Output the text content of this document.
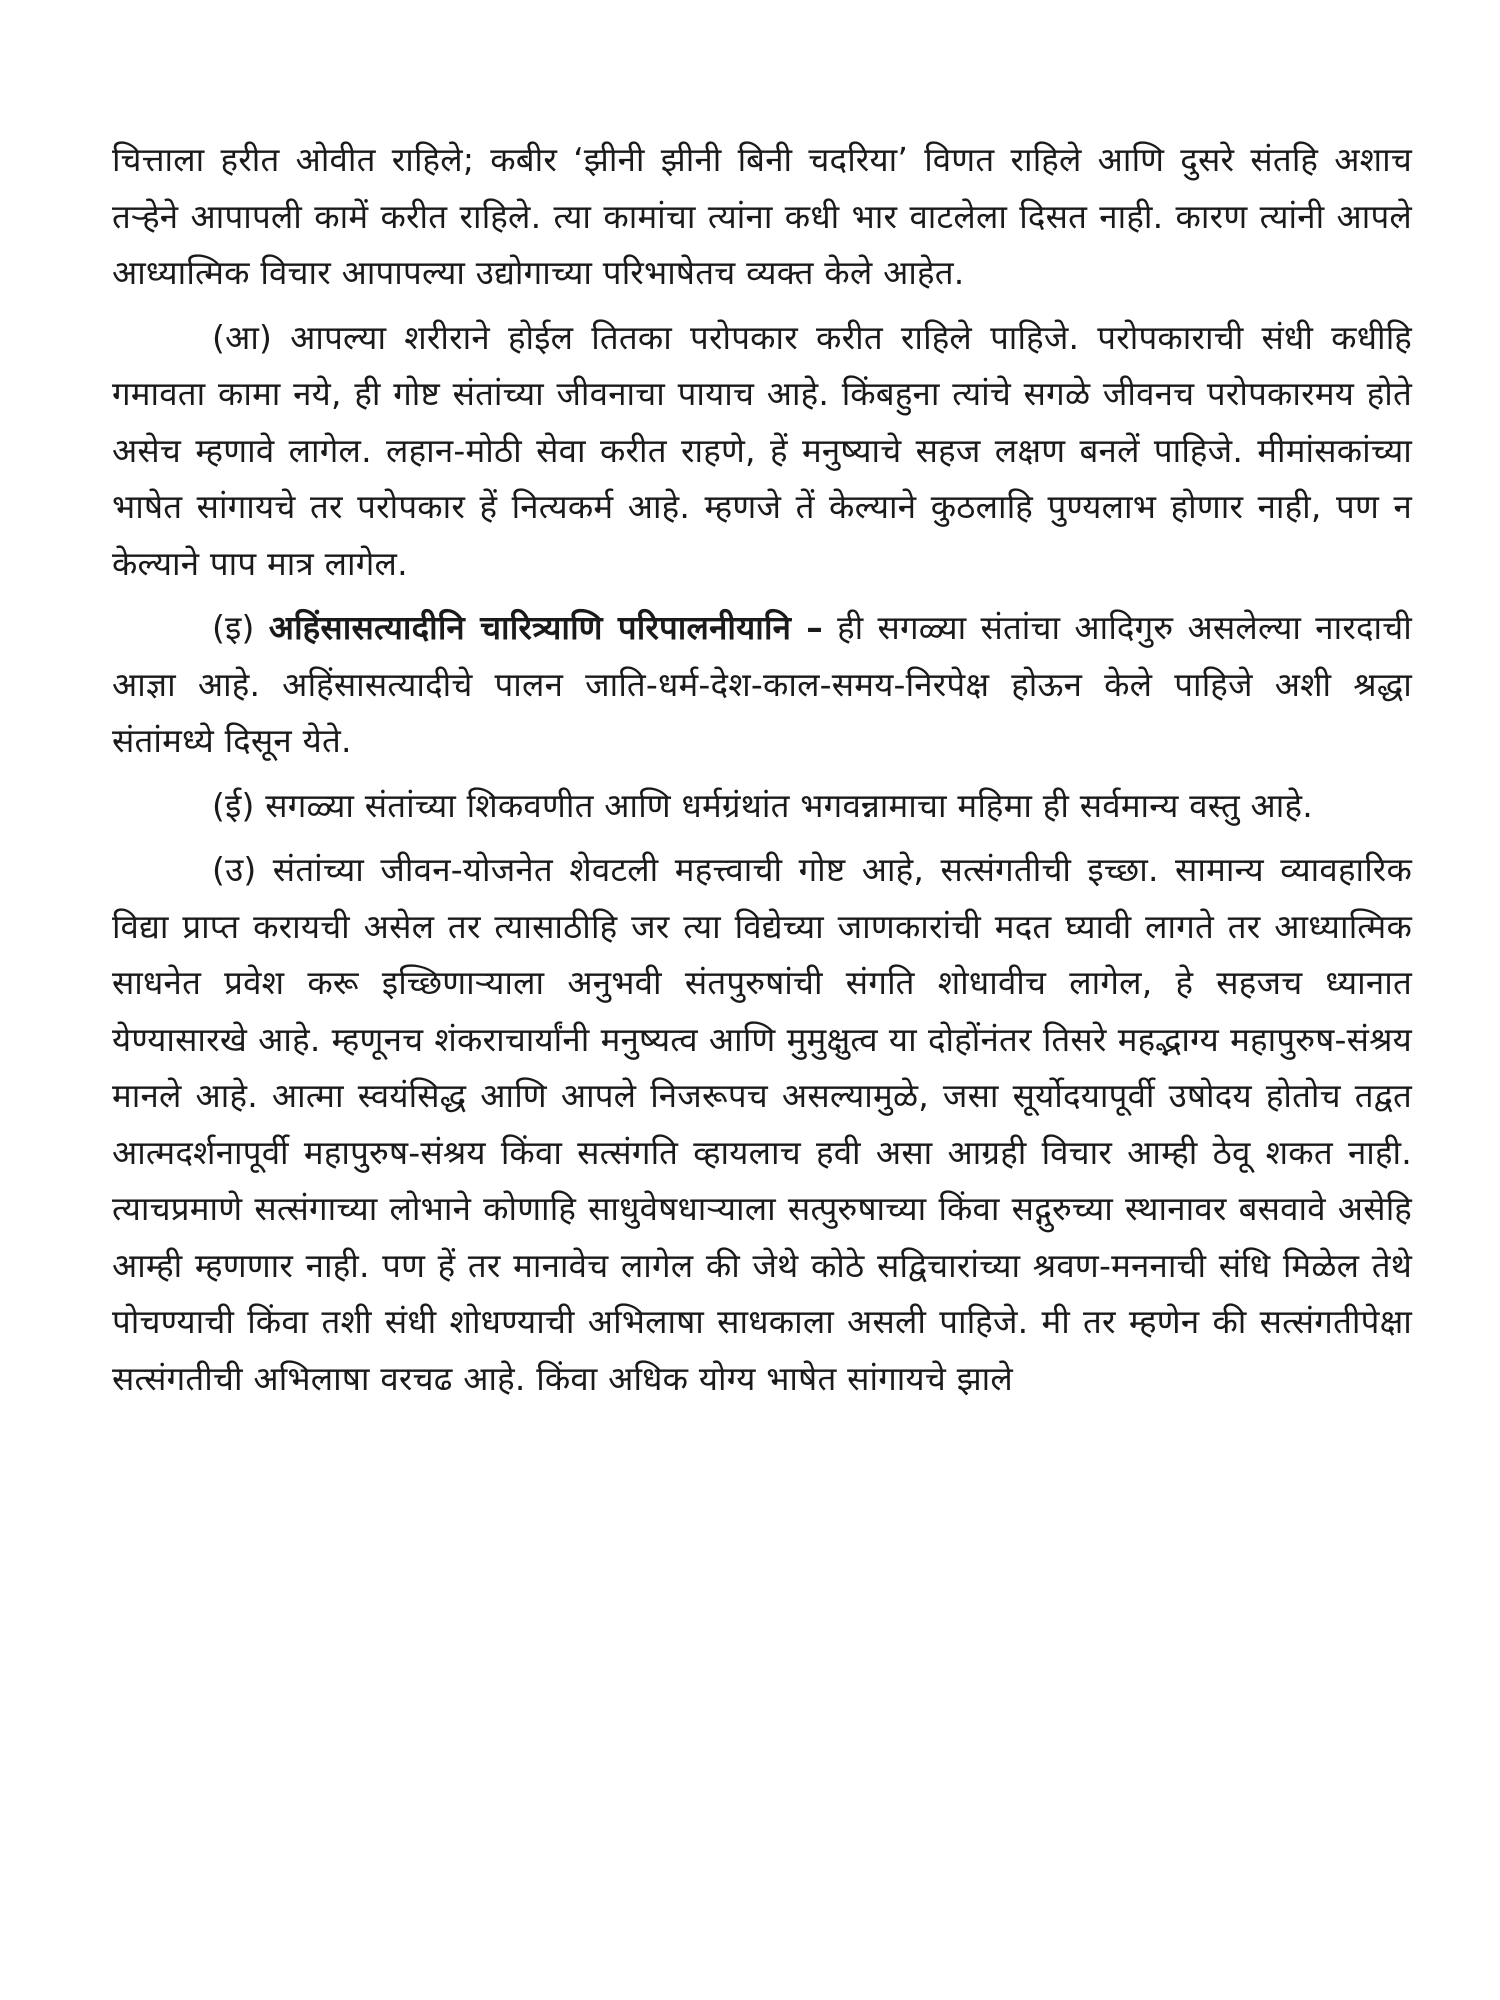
चित्ताला हरीत ओवीत राहिले; कबीर ‘झीनी झीनी बिनी चदरिया’ विणत राहिले आणि दुसरे संतहि अशाच तऱ्हेने आपापली कामें करीत राहिले. त्या कामांचा त्यांना कधी भार वाटलेला दिसत नाही. कारण त्यांनी आपले आध्यात्मिक विचार आपापल्या उद्योगाच्या परिभाषेतच व्यक्त केले आहेत.

(आ) आपल्या शरीराने होईल तितका परोपकार करीत राहिले पाहिजे. परोपकाराची संधी कधीहि गमावता कामा नये, ही गोष्ट संतांच्या जीवनाचा पायाच आहे. किंबहुना त्यांचे सगळे जीवनच परोपकारमय होते असेच म्हणावे लागेल. लहान-मोठी सेवा करीत राहणे, हें मनुष्याचे सहज लक्षण बनलें पाहिजे. मीमांसकांच्या भाषेत सांगायचे तर परोपकार हें नित्यकर्म आहे. म्हणजे तें केल्याने कुठलाहि पुण्यलाभ होणार नाही, पण न केल्याने पाप मात्र लागेल.

(इ) अहिंसासत्यादीनि चारित्र्याणि परिपालनीयानि – ही सगळ्या संतांचा आदिगुरु असलेल्या नारदाची आज्ञा आहे. अहिंसासत्यादीचे पालन जाति-धर्म-देश-काल-समय-निरपेक्ष होऊन केले पाहिजे अशी श्रद्धा संतांमध्ये दिसून येते.

(ई) सगळ्या संतांच्या शिकवणीत आणि धर्मग्रंथांत भगवन्नामाचा महिमा ही सर्वमान्य वस्तु आहे.

(उ) संतांच्या जीवन-योजनेत शेवटली महत्त्वाची गोष्ट आहे, सत्संगतीची इच्छा. सामान्य व्यावहारिक विद्या प्राप्त करायची असेल तर त्यासाठीहि जर त्या विद्येच्या जाणकारांची मदत घ्यावी लागते तर आध्यात्मिक साधनेत प्रवेश करू इच्छिणाऱ्याला अनुभवी संतपुरुषांची संगति शोधावीच लागेल, हे सहजच ध्यानात येण्यासारखे आहे. म्हणूनच शंकराचार्यांनी मनुष्यत्व आणि मुमुक्षुत्व या दोहोंनंतर तिसरे महद्भाग्य महापुरुष-संश्रय मानले आहे. आत्मा स्वयंसिद्ध आणि आपले निजरूपच असल्यामुळे, जसा सूर्योदयापूर्वी उषोदय होतोच तद्वत आत्मदर्शनापूर्वी महापुरुष-संश्रय किंवा सत्संगति व्हायलाच हवी असा आग्रही विचार आम्ही ठेवू शकत नाही. त्याचप्रमाणे सत्संगाच्या लोभाने कोणाहि साधुवेषधाऱ्याला सत्पुरुषाच्या किंवा सद्गुरुच्या स्थानावर बसवावे असेहि आम्ही म्हणणार नाही. पण हें तर मानावेच लागेल की जेथे कोठे सद्विचारांच्या श्रवण-मननाची संधि मिळेल तेथे पोचण्याची किंवा तशी संधी शोधण्याची अभिलाषा साधकाला असली पाहिजे. मी तर म्हणेन की सत्संगतीपेक्षा सत्संगतीची अभिलाषा वरचढ आहे. किंवा अधिक योग्य भाषेत सांगायचे झाले
